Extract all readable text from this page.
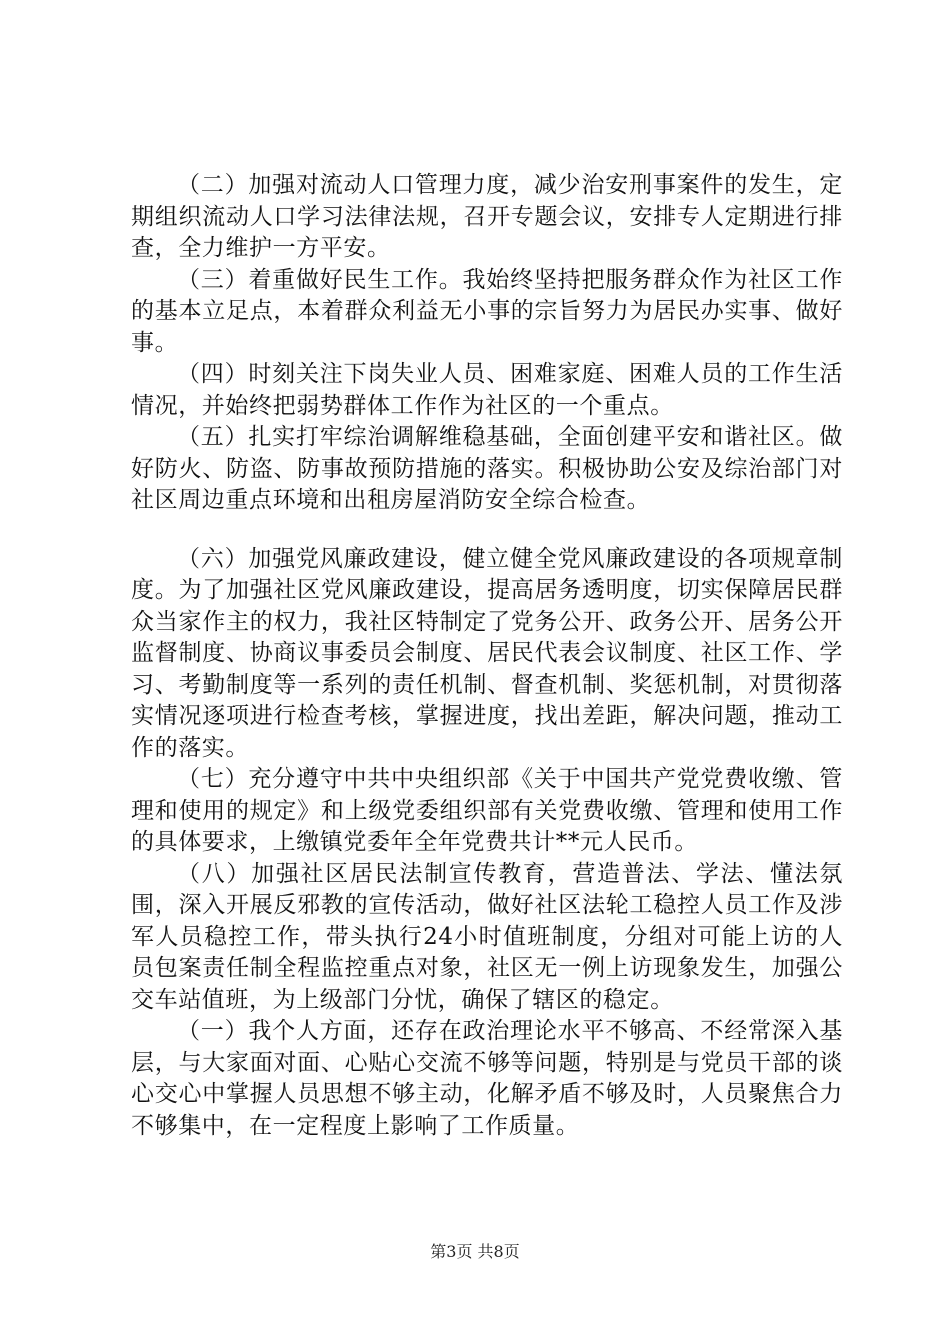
（二）加强对流动人口管理力度，减少治安刑事案件的发生，定期组织流动人口学习法律法规，召开专题会议，安排专人定期进行排查，全力维护一方平安。

（三）着重做好民生工作。我始终坚持把服务群众作为社区工作的基本立足点，本着群众利益无小事的宗旨努力为居民办实事、做好事。

（四）时刻关注下岗失业人员、困难家庭、困难人员的工作生活情况，并始终把弱势群体工作作为社区的一个重点。

（五）扎实打牢综治调解维稳基础，全面创建平安和谐社区。做好防火、防盗、防事故预防措施的落实。积极协助公安及综治部门对社区周边重点环境和出租房屋消防安全综合检查。

（六）加强党风廉政建设，健立健全党风廉政建设的各项规章制度。为了加强社区党风廉政建设，提高居务透明度，切实保障居民群众当家作主的权力，我社区特制定了党务公开、政务公开、居务公开监督制度、协商议事委员会制度、居民代表会议制度、社区工作、学习、考勤制度等一系列的责任机制、督查机制、奖惩机制，对贯彻落实情况逐项进行检查考核，掌握进度，找出差距，解决问题，推动工作的落实。

（七）充分遵守中共中央组织部《关于中国共产党党费收缴、管理和使用的规定》和上级党委组织部有关党费收缴、管理和使用工作的具体要求，上缴镇党委年全年党费共计**元人民币。

（八）加强社区居民法制宣传教育，营造普法、学法、懂法氛围，深入开展反邪教的宣传活动，做好社区法轮工稳控人员工作及涉军人员稳控工作，带头执行24小时值班制度，分组对可能上访的人员包案责任制全程监控重点对象，社区无一例上访现象发生，加强公交车站值班，为上级部门分忧，确保了辖区的稳定。

（一）我个人方面，还存在政治理论水平不够高、不经常深入基层，与大家面对面、心贴心交流不够等问题，特别是与党员干部的谈心交心中掌握人员思想不够主动，化解矛盾不够及时，人员聚焦合力不够集中，在一定程度上影响了工作质量。

第3页 共8页
